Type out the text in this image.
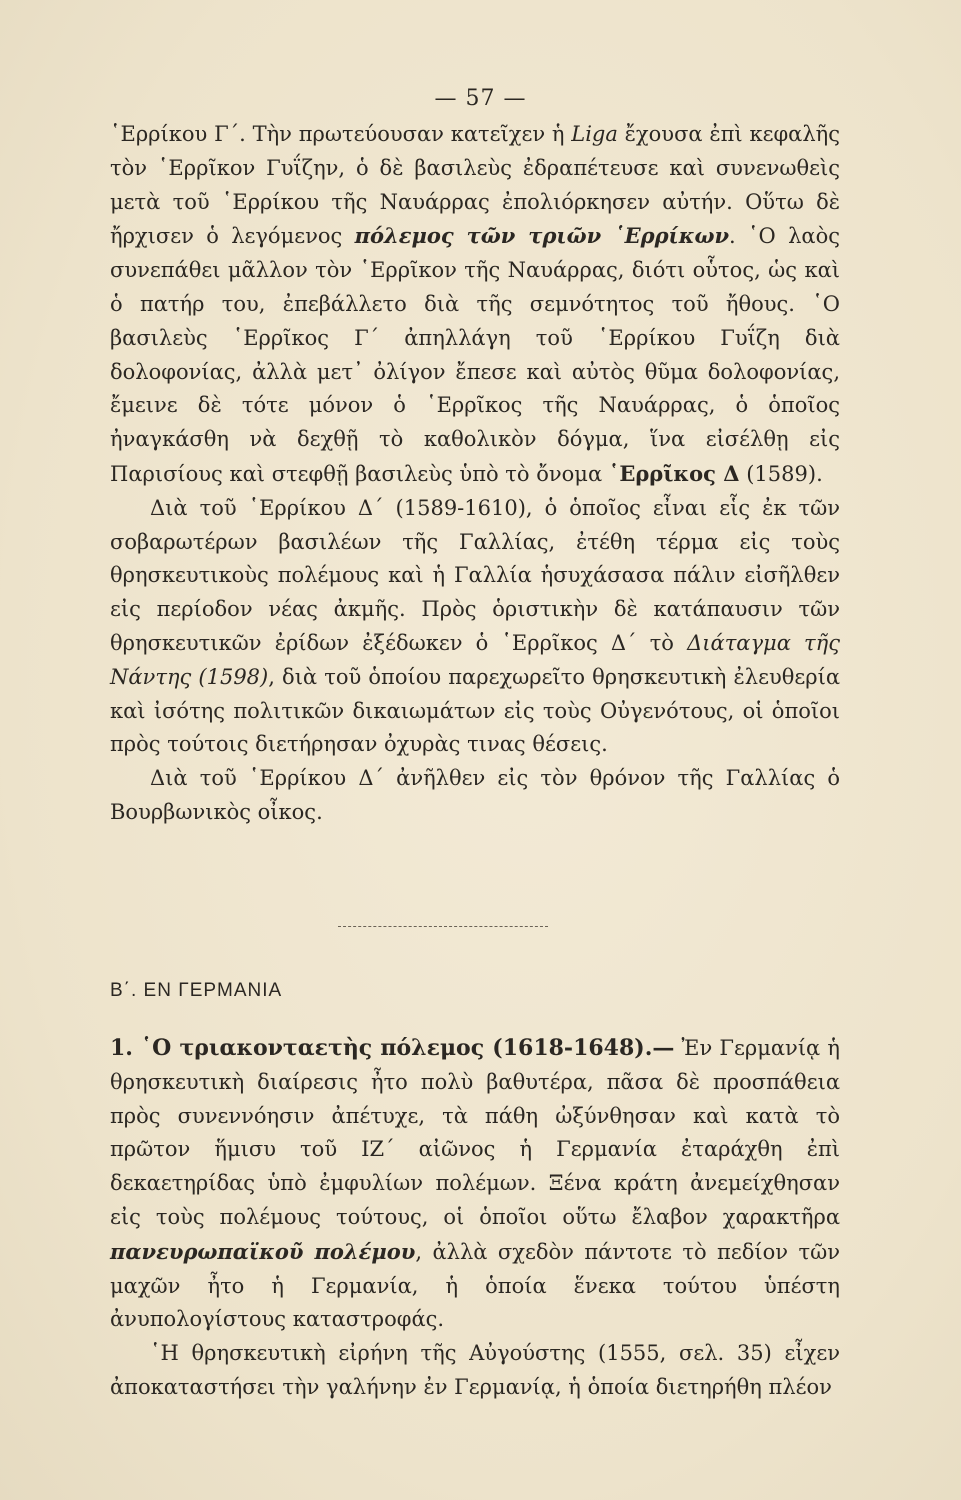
— 57 —

῾Ερρίκου Γ΄. Τὴν πρωτεύουσαν κατεῖχεν ἡ Liga ἔχουσα ἐπὶ κεφαλῆς τὸν ῾Ερρῖκον Γυΐζην, ὁ δὲ βασιλεὺς ἐδραπέτευσε καὶ συνενωθεὶς μετὰ τοῦ ῾Ερρίκου τῆς Ναυάρρας ἐπολιόρκησεν αὐτήν. Οὕτω δὲ ἤρχισεν ὁ λεγόμενος πόλεμος τῶν τριῶν ῾Ερρίκων. ῾Ο λαὸς συνεπάθει μᾶλλον τὸν ῾Ερρῖκον τῆς Ναυάρρας, διότι οὗτος, ὡς καὶ ὁ πατήρ του, ἐπεβάλλετο διὰ τῆς σεμνότητος τοῦ ἤθους. ῾Ο βασιλεὺς ῾Ερρῖκος Γ΄ ἀπηλλάγη τοῦ ῾Ερρίκου Γυΐζη διὰ δολοφονίας, ἀλλὰ μετ᾽ ὀλίγον ἔπεσε καὶ αὐτὸς θῦμα δολοφονίας, ἔμεινε δὲ τότε μόνον ὁ ῾Ερρῖκος τῆς Ναυάρρας, ὁ ὁποῖος ἠναγκάσθη νὰ δεχθῇ τὸ καθολικὸν δόγμα, ἵνα εἰσέλθῃ εἰς Παρισίους καὶ στεφθῇ βασιλεὺς ὑπὸ τὸ ὄνομα ῾Ερρῖκος Δ (1589).

Διὰ τοῦ ῾Ερρίκου Δ΄ (1589-1610), ὁ ὁποῖος εἶναι εἷς ἐκ τῶν σοβαρωτέρων βασιλέων τῆς Γαλλίας, ἐτέθη τέρμα εἰς τοὺς θρησκευτικοὺς πολέμους καὶ ἡ Γαλλία ἡσυχάσασα πάλιν εἰσῆλθεν εἰς περίοδον νέας ἀκμῆς. Πρὸς ὁριστικὴν δὲ κατάπαυσιν τῶν θρησκευτικῶν ἐρίδων ἐξέδωκεν ὁ ῾Ερρῖκος Δ΄ τὸ Διάταγμα τῆς Νάντης (1598), διὰ τοῦ ὁποίου παρεχωρεῖτο θρησκευτικὴ ἐλευθερία καὶ ἰσότης πολιτικῶν δικαιωμάτων εἰς τοὺς Οὐγενότους, οἱ ὁποῖοι πρὸς τούτοις διετήρησαν ὀχυρὰς τινας θέσεις.

Διὰ τοῦ ῾Ερρίκου Δ΄ ἀνῆλθεν εἰς τὸν θρόνον τῆς Γαλλίας ὁ Βουρβωνικὸς οἶκος.

Β΄. ΕΝ ΓΕΡΜΑΝΙΑ

1. ῾Ο τριακονταετὴς πόλεμος (1618-1648).— Ἐν Γερμανίᾳ ἡ θρησκευτικὴ διαίρεσις ἦτο πολὺ βαθυτέρα, πᾶσα δὲ προσπάθεια πρὸς συνεννόησιν ἀπέτυχε, τὰ πάθη ὠξύνθησαν καὶ κατὰ τὸ πρῶτον ἥμισυ τοῦ ΙΖ΄ αἰῶνος ἡ Γερμανία ἐταράχθη ἐπὶ δεκαετηρίδας ὑπὸ ἐμφυλίων πολέμων. Ξένα κράτη ἀνεμείχθησαν εἰς τοὺς πολέμους τούτους, οἱ ὁποῖοι οὕτω ἔλαβον χαρακτῆρα πανευρωπαϊκοῦ πολέμου, ἀλλὰ σχεδὸν πάντοτε τὸ πεδίον τῶν μαχῶν ἦτο ἡ Γερμανία, ἡ ὁποία ἕνεκα τούτου ὑπέστη ἀνυπολογίστους καταστροφάς.

῾Η θρησκευτικὴ εἰρήνη τῆς Αὐγούστης (1555, σελ. 35) εἶχεν ἀποκαταστήσει τὴν γαλήνην ἐν Γερμανίᾳ, ἡ ὁποία διετηρήθη πλέον
